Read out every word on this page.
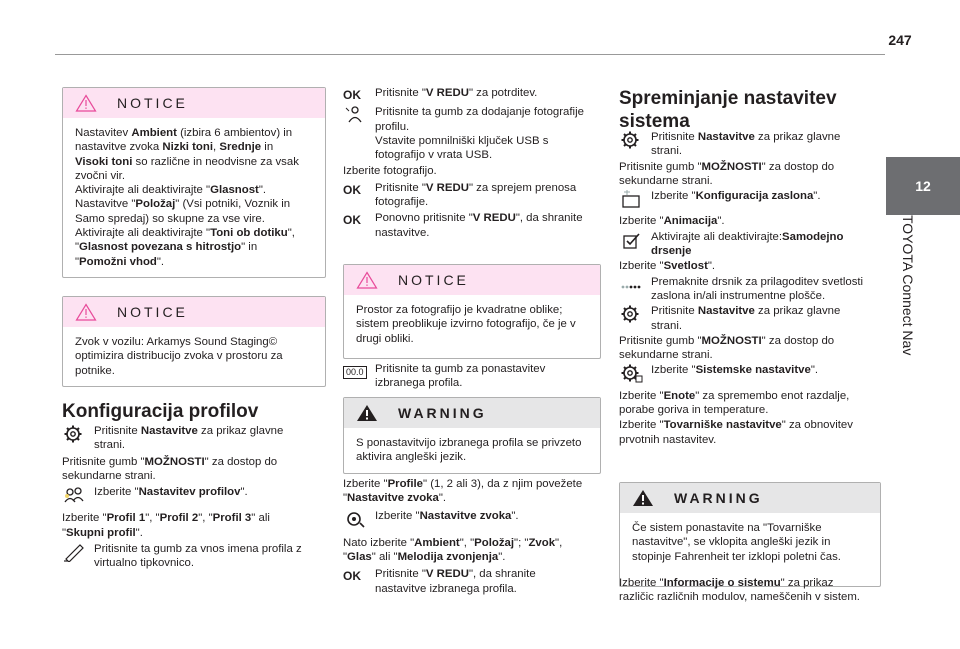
247
12
TOYOTA Connect Nav
NOTICE

Nastavitev Ambient (izbira 6 ambientov) in

nastavitve zvoka Nizki toni, Srednje in

Visoki toni so različne in neodvisne za vsak

zvočni vir.

Aktivirajte ali deaktivirajte "Glasnost".

Nastavitve "Položaj" (Vsi potniki, Voznik in

Samo spredaj) so skupne za vse vire.

Aktivirajte ali deaktivirajte "Toni ob dotiku",

"Glasnost povezana s hitrostjo" in

"Pomožni vhod".

NOTICE

Zvok v vozilu: Arkamys Sound Staging©

optimizira distribucijo zvoka v prostoru za

potnike.

Konfiguracija profilov

Pritisnite Nastavitve za prikaz glavne

strani.

Pritisnite gumb "MOŽNOSTI" za dostop do

sekundarne strani.

Izberite "Nastavitev profilov".

Izberite "Profil 1", "Profil 2", "Profil 3" ali

"Skupni profil".

Pritisnite ta gumb za vnos imena profila z

virtualno tipkovnico.

OK	Pritisnite "V REDU" za potrditev.

Pritisnite ta gumb za dodajanje fotografije

profilu.

Vstavite pomnilniški ključek USB s

fotografijo v vrata USB.

Izberite fotografijo.

OK	Pritisnite "V REDU" za sprejem prenosa

fotografije.

OK	Ponovno pritisnite "V REDU", da shranite

nastavitve.

NOTICE

Prostor za fotografijo je kvadratne oblike;

sistem preoblikuje izvirno fotografijo, če je v

drugi obliki.

00.0	Pritisnite ta gumb za ponastavitev

izbranega profila.

WARNING

S ponastavitvijo izbranega profila se privzeto

aktivira angleški jezik.

Izberite "Profile" (1, 2 ali 3), da z njim povežete

"Nastavitve zvoka".

Izberite "Nastavitve zvoka".

Nato izberite "Ambient", "Položaj"; "Zvok",

"Glas" ali "Melodija zvonjenja".

OK	Pritisnite "V REDU", da shranite

nastavitve izbranega profila.

Spreminjanje nastavitev
sistema

Pritisnite Nastavitve za prikaz glavne

strani.

Pritisnite gumb "MOŽNOSTI" za dostop do

sekundarne strani.

Izberite "Konfiguracija zaslona".

Izberite "Animacija".

Aktivirajte ali deaktivirajte:Samodejno

drsenje

Izberite "Svetlost".

Premaknite drsnik za prilagoditev svetlosti

zaslona in/ali instrumentne plošče.

Pritisnite Nastavitve za prikaz glavne

strani.

Pritisnite gumb "MOŽNOSTI" za dostop do

sekundarne strani.

Izberite "Sistemske nastavitve".

Izberite "Enote" za spremembo enot razdalje,

porabe goriva in temperature.

Izberite "Tovarniške nastavitve" za obnovitev

prvotnih nastavitev.

WARNING

Če sistem ponastavite na "Tovarniške

nastavitve", se vklopita angleški jezik in

stopinje Fahrenheit ter izklopi poletni čas.

Izberite "Informacije o sistemu" za prikaz

različic različnih modulov, nameščenih v sistem.
